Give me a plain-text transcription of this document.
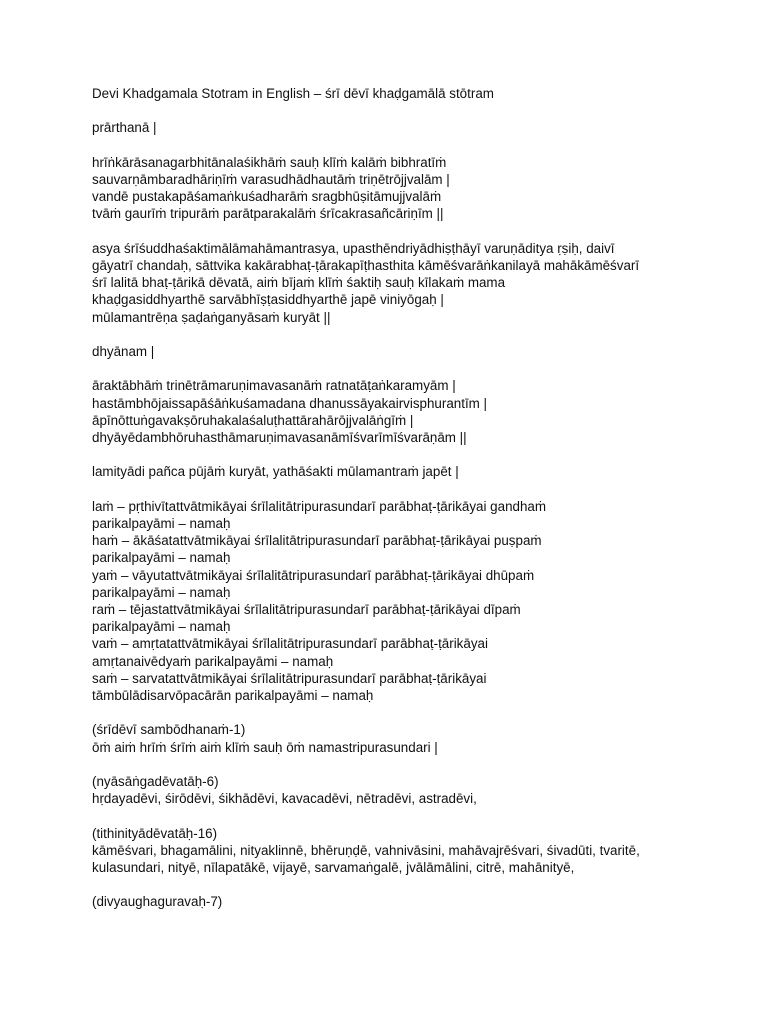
Devi Khadgamala Stotram in English – śrī dēvī khaḍgamālā stōtram
prārthanā |
hrīṅkārāsanagarbhitānalaśikhāṁ sauḥ klīṁ kalāṁ bibhratīṁ
sauvarṇāmbaradhāriṇīṁ varasudhādhautāṁ triṇētrōjjvalām |
vandē pustakapāśamaṅkuśadharāṁ sragbhūṣitāmujjvalāṁ
tvāṁ gaurīṁ tripurāṁ parātparakalāṁ śrīcakrasañcāriṇīm ||
asya śrīśuddhaśaktimālāmahāmantrasya, upasthēndriyādhiṣṭhāyī varuṇāditya ṛṣiḥ, daivī
gāyatrī chandaḥ, sāttvika kakārabhaṭ-ṭārakapīṭhasthita kāmēśvarāṅkanilayā mahākāmēśvarī
śrī lalitā bhaṭ-ṭārikā dēvatā, aiṁ bījaṁ klīṁ śaktiḥ sauḥ kīlakaṁ mama
khaḍgasiddhyarthē sarvābhīṣṭasiddhyarthē japē viniyōgaḥ |
mūlamantrēṇa ṣaḍaṅganyāsaṁ kuryāt ||
dhyānam |
āraktābhāṁ trinētrāmaruṇimavasanāṁ ratnatāṭaṅkaramyām |
hastāmbhōjaissapāśāṅkuśamadana dhanussāyakairvisphurantīm |
āpīnōttuṅgavakṣōruhakalaśaluṭhattārahārōjjvalāṅgīṁ |
dhyāyēdambhōruhasthāmaruṇimavasanāmīśvarīmīśvarāṇām ||
lamityādi pañca pūjāṁ kuryāt, yathāśakti mūlamantraṁ japēt |
laṁ – pṛthivītattvātmikāyai śrīlalitātripurasundarī parābhaṭ-ṭārikāyai gandhaṁ
parikalpayāmi – namaḥ
haṁ – ākāśatattvātmikāyai śrīlalitātripurasundarī parābhaṭ-ṭārikāyai puṣpaṁ
parikalpayāmi – namaḥ
yaṁ – vāyutattvātmikāyai śrīlalitātripurasundarī parābhaṭ-ṭārikāyai dhūpaṁ
parikalpayāmi – namaḥ
raṁ – tējastattvātmikāyai śrīlalitātripurasundarī parābhaṭ-ṭārikāyai dīpaṁ
parikalpayāmi – namaḥ
vaṁ – amṛtatattvātmikāyai śrīlalitātripurasundarī parābhaṭ-ṭārikāyai
amṛtanaivēdyaṁ parikalpayāmi – namaḥ
saṁ – sarvatattvātmikāyai śrīlalitātripurasundarī parābhaṭ-ṭārikāyai
tāmbūlādisarvōpacārān parikalpayāmi – namaḥ
(śrīdēvī sambōdhanaṁ-1)
ōṁ aiṁ hrīṁ śrīṁ aiṁ klīṁ sauḥ ōṁ namastripurasundari |
(nyāsāṅgadēvatāḥ-6)
hṛdayadēvi, śirōdēvi, śikhādēvi, kavacadēvi, nētradēvi, astradēvi,
(tithinityādēvatāḥ-16)
kāmēśvari, bhagamālini, nityaklinnē, bhēruṇḍē, vahnivāsini, mahāvajrēśvari, śivadūti, tvaritē,
kulasundari, nityē, nīlapatākē, vijayē, sarvamaṅgalē, jvālāmālini, citrē, mahānityē,
(divyaughaguravaḥ-7)
